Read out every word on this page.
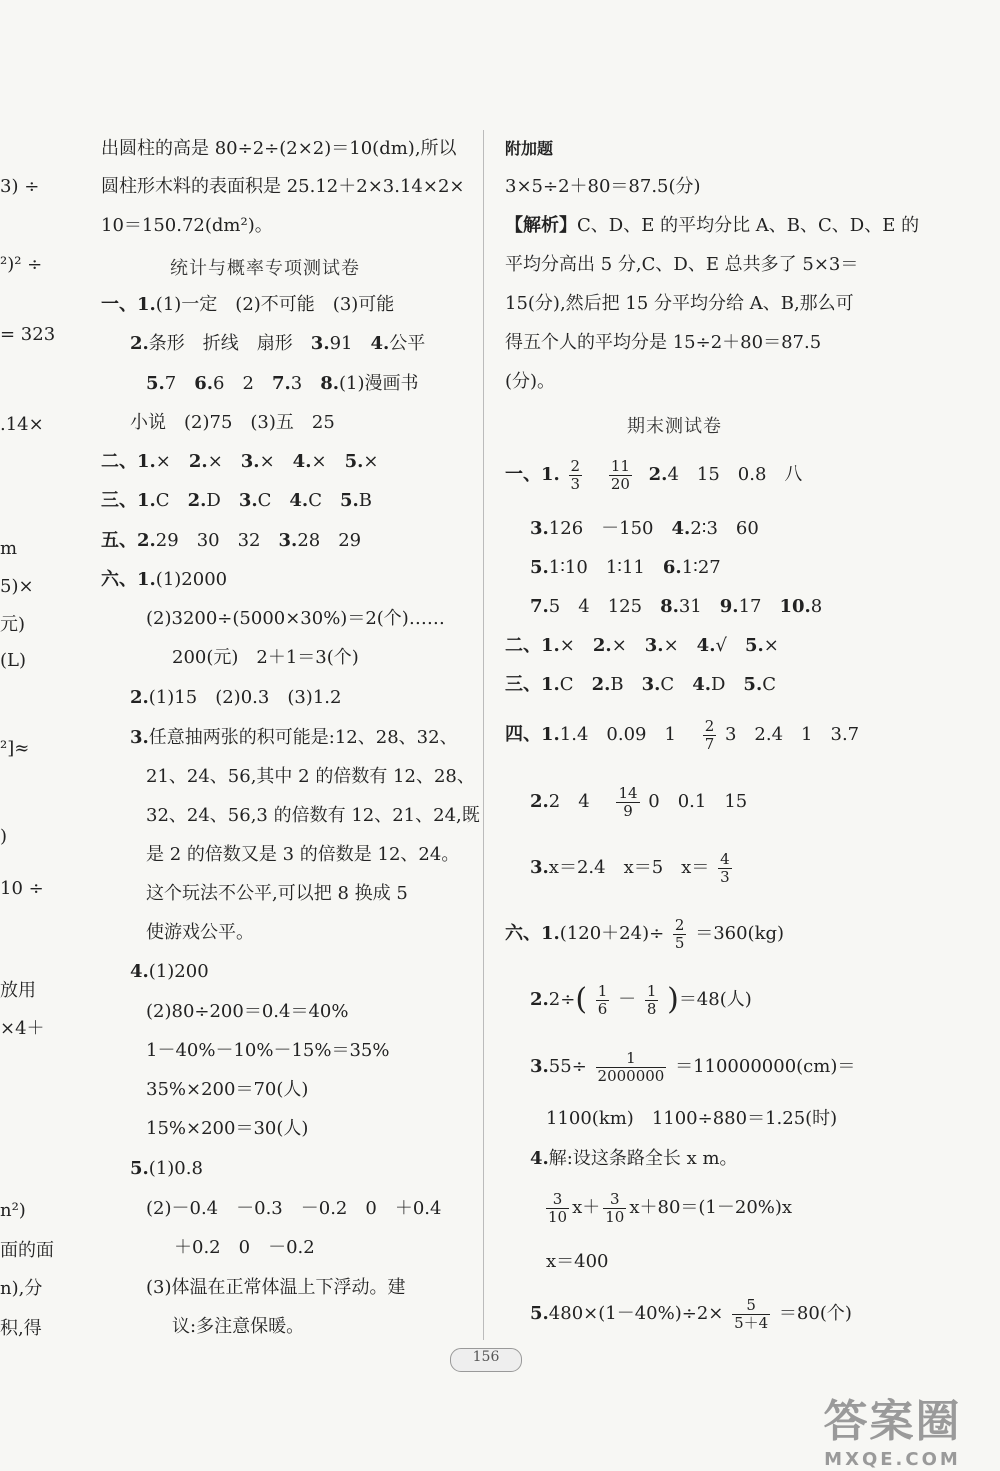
3) ÷
²)² ÷
= 323
.14×
m
5)×
元)
(L)
²]≈
)
10 ÷
放用
×4＋
n²)
面的面
n),分
积,得
出圆柱的高是 80÷2÷(2×2)＝10(dm),所以
圆柱形木料的表面积是 25.12＋2×3.14×2×
10＝150.72(dm²)。
统计与概率专项测试卷
一、1.(1)一定　(2)不可能　(3)可能
2.条形　折线　扇形　3.91　4.公平
5.7　6.6　2　7.3　8.(1)漫画书
小说　(2)75　(3)五　25
二、1.×　2.×　3.×　4.×　5.×
三、1.C　2.D　3.C　4.C　5.B
五、2.29　30　32　3.28　29
六、1.(1)2000
(2)3200÷(5000×30%)＝2(个)……
200(元)　2＋1＝3(个)
2.(1)15　(2)0.3　(3)1.2
3.任意抽两张的积可能是:12、28、32、
21、24、56,其中 2 的倍数有 12、28、
32、24、56,3 的倍数有 12、21、24,既
是 2 的倍数又是 3 的倍数是 12、24。
这个玩法不公平,可以把 8 换成 5
使游戏公平。
4.(1)200
(2)80÷200＝0.4＝40%
1－40%－10%－15%＝35%
35%×200＝70(人)
15%×200＝30(人)
5.(1)0.8
(2)－0.4　－0.3　－0.2　0　＋0.4
＋0.2　0　－0.2
(3)体温在正常体温上下浮动。建
议:多注意保暖。
附加题
3×5÷2＋80＝87.5(分)
【解析】C、D、E 的平均分比 A、B、C、D、E 的
平均分高出 5 分,C、D、E 总共多了 5×3＝
15(分),然后把 15 分平均分给 A、B,那么可
得五个人的平均分是 15÷2＋80＝87.5
(分)。
期末测试卷
一、1. $\frac{2}{3}$
$\frac{11}{20} 2.4$　15　0.8　八
3.126　－150　4.2∶3　60
5.1∶10　1∶11　6.1∶27
7.5　4　125　8.31　9.17　10.8
二、1.×　2.×　3.×　4.√　5.×
三、1.C　2.B　3.C　4.D　5.C
四、1.1.4　0.09　1　 $\frac{2}{7} 3$　2.4　1　3.7
2.2　4　 $\frac{14}{9} 0$　0.1　15
3.x＝2.4　x＝5　$x= \frac{4}{3}$
六、$1.(120+24)\div \frac{2}{5} =360(kg)$
$2.2\div( \frac{1}{6} - \frac{1}{8} )=48$(人)
$3.55\div \frac{1}{2000000} =110000000(cm)=$
1100(km)　1100÷880＝1.25(时)
4.解:设这条路全长 x m。
$\frac{3}{10} x+ \frac{3}{10} x+80=(1-20\%)x$
x＝400
$5.480\times(1-40\%)\div 2\times \frac{5}{5+4} =80$(个)
156
答案圈
MXQE.COM
